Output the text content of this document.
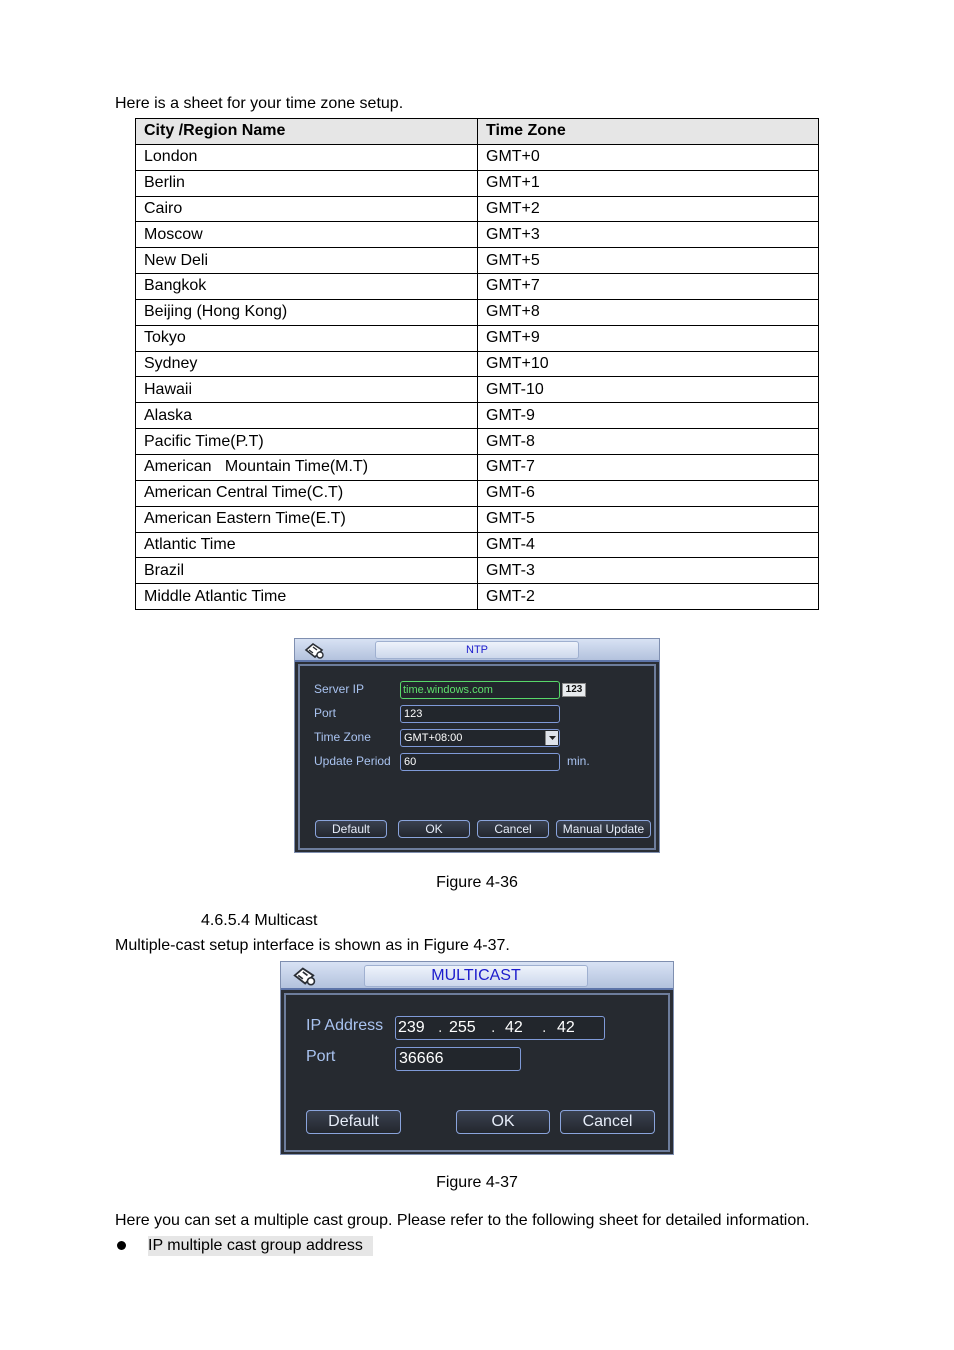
Here is a sheet for your time zone setup.
City /Region Name	Time Zone
London	GMT+0
Berlin	GMT+1
Cairo	GMT+2
Moscow	GMT+3
New Deli	GMT+5
Bangkok	GMT+7
Beijing (Hong Kong)	GMT+8
Tokyo	GMT+9
Sydney	GMT+10
Hawaii	GMT-10
Alaska	GMT-9
Pacific Time(P.T)	GMT-8
American   Mountain Time(M.T)	GMT-7
American Central Time(C.T)	GMT-6
American Eastern Time(E.T)	GMT-5
Atlantic Time	GMT-4
Brazil	GMT-3
Middle Atlantic Time	GMT-2
NTP
Server IP	time.windows.com	123
Port	123
Time Zone	GMT+08:00
Update Period	60	min.
Default	OK	Cancel	Manual Update
Figure 4-36
4.6.5.4 Multicast
Multiple-cast setup interface is shown as in Figure 4-37.
MULTICAST
IP Address 239 . 255 . 42 . 42
Port	36666
Default	OK	Cancel
Figure 4-37
Here you can set a multiple cast group. Please refer to the following sheet for detailed information.
IP multiple cast group address
